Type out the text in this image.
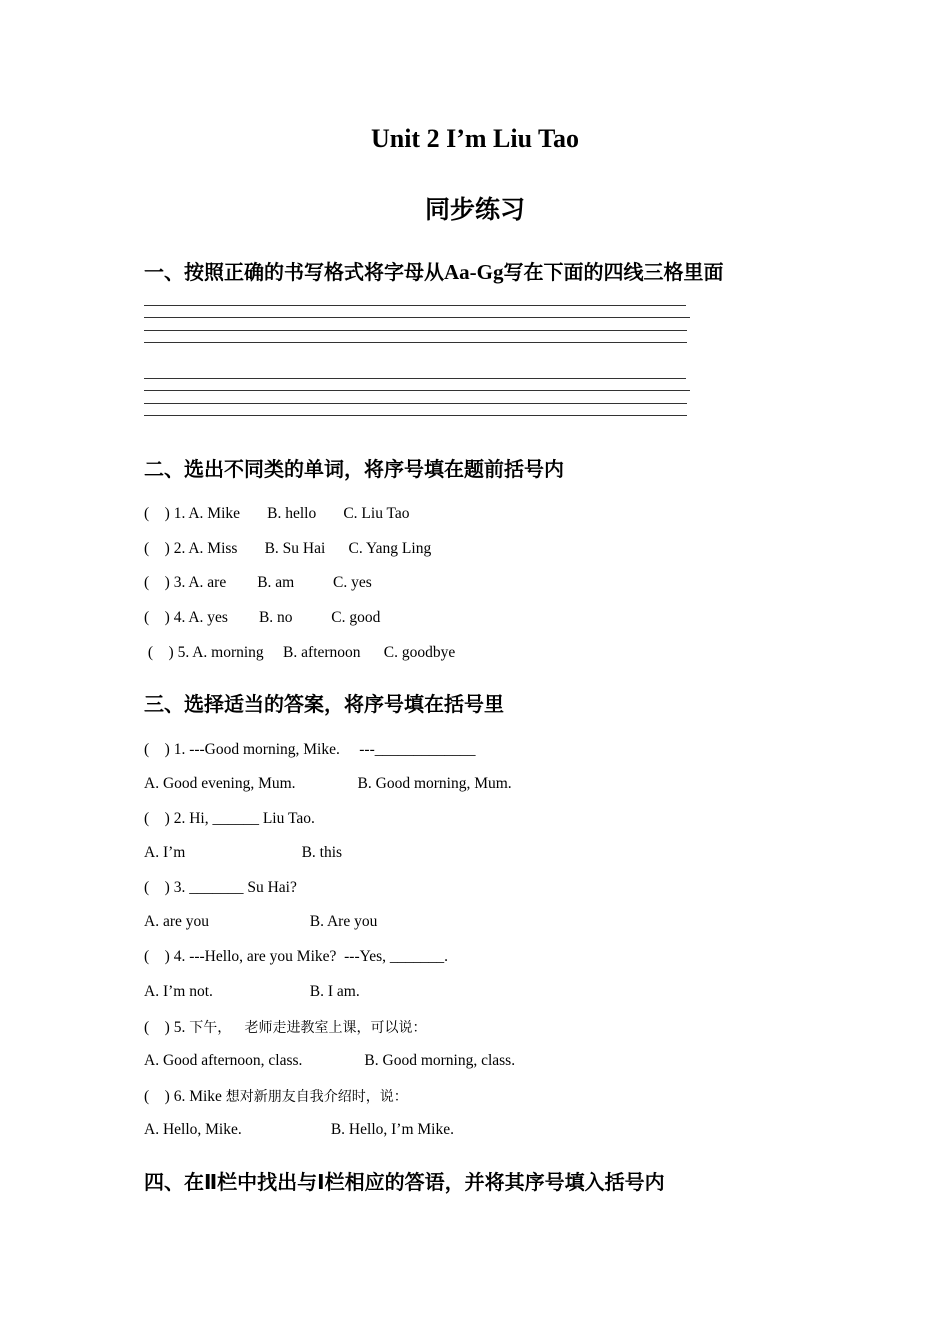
Unit 2 I’m Liu Tao
同步练习
一、按照正确的书写格式将字母从Aa-Gg写在下面的四线三格里面
二、选出不同类的单词，将序号填在题前括号内
(    ) 1. A. Mike       B. hello       C. Liu Tao
(    ) 2. A. Miss       B. Su Hai      C. Yang Ling
(    ) 3. A. are        B. am          C. yes
(    ) 4. A. yes        B. no          C. good
(    ) 5. A. morning     B. afternoon      C. goodbye
三、选择适当的答案，将序号填在括号里
(    ) 1. ---Good morning, Mike.     ---_____________
A. Good evening, Mum.                B. Good morning, Mum.
(    ) 2. Hi, ______ Liu Tao.
A. I’m                              B. this
(    ) 3. _______ Su Hai?
A. are you                          B. Are you
(    ) 4. ---Hello, are you Mike?  ---Yes, _______.
A. I’m not.                         B. I am.
(    ) 5. 下午，   老师走进教室上课，可以说：
A. Good afternoon, class.                B. Good morning, class.
(    ) 6. Mike 想对新朋友自我介绍时，说：
A. Hello, Mike.                       B. Hello, I’m Mike.
四、在Ⅱ栏中找出与Ⅰ栏相应的答语，并将其序号填入括号内
